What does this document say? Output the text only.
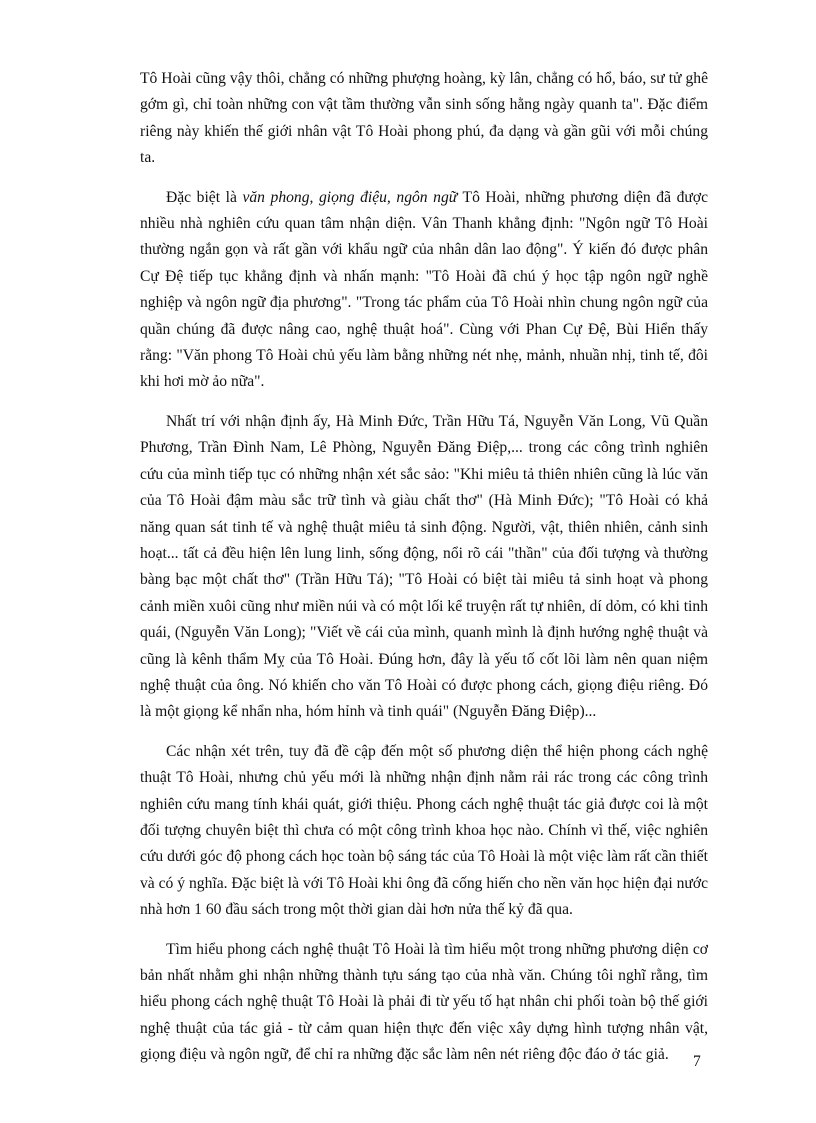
Tô Hoài cũng vậy thôi, chẳng có những phượng hoàng, kỳ lân, chẳng có hổ, báo, sư tử ghê gớm gì, chỉ toàn những con vật tầm thường vẫn sinh sống hằng ngày quanh ta". Đặc điểm riêng này khiến thế giới nhân vật Tô Hoài phong phú, đa dạng và gần gũi với mỗi chúng ta.

Đặc biệt là văn phong, giọng điệu, ngôn ngữ Tô Hoài, những phương diện đã được nhiều nhà nghiên cứu quan tâm nhận diện. Vân Thanh khẳng định: "Ngôn ngữ Tô Hoài thường ngắn gọn và rất gần với khẩu ngữ của nhân dân lao động". Ý kiến đó được phân Cự Đệ tiếp tục khẳng định và nhấn mạnh: "Tô Hoài đã chú ý học tập ngôn ngữ nghề nghiệp và ngôn ngữ địa phương". "Trong tác phẩm của Tô Hoài nhìn chung ngôn ngữ của quần chúng đã được nâng cao, nghệ thuật hoá". Cùng với Phan Cự Đệ, Bùi Hiển thấy rằng: "Văn phong Tô Hoài chủ yếu làm bằng những nét nhẹ, mảnh, nhuần nhị, tinh tế, đôi khi hơi mờ ảo nữa".

Nhất trí với nhận định ấy, Hà Minh Đức, Trần Hữu Tá, Nguyễn Văn Long, Vũ Quần Phương, Trần Đình Nam, Lê Phòng, Nguyễn Đăng Điệp,... trong các công trình nghiên cứu của mình tiếp tục có những nhận xét sắc sảo: "Khi miêu tả thiên nhiên cũng là lúc văn của Tô Hoài đậm màu sắc trữ tình và giàu chất thơ" (Hà Minh Đức); "Tô Hoài có khả năng quan sát tinh tế và nghệ thuật miêu tả sinh động. Người, vật, thiên nhiên, cảnh sinh hoạt... tất cả đều hiện lên lung linh, sống động, nổi rõ cái "thần" của đối tượng và thường bàng bạc một chất thơ" (Trần Hữu Tá); "Tô Hoài có biệt tài miêu tả sinh hoạt và phong cảnh miền xuôi cũng như miền núi và có một lối kể truyện rất tự nhiên, dí dỏm, có khi tinh quái, (Nguyễn Văn Long); "Viết về cái của mình, quanh mình là định hướng nghệ thuật và cũng là kênh thẩm Mỵ của Tô Hoài. Đúng hơn, đây là yếu tố cốt lõi làm nên quan niệm nghệ thuật của ông. Nó khiến cho văn Tô Hoài có được phong cách, giọng điệu riêng. Đó là một giọng kể nhẩn nha, hóm hỉnh và tinh quái" (Nguyễn Đăng Điệp)...

Các nhận xét trên, tuy đã đề cập đến một số phương diện thể hiện phong cách nghệ thuật Tô Hoài, nhưng chủ yếu mới là những nhận định nằm rải rác trong các công trình nghiên cứu mang tính khái quát, giới thiệu. Phong cách nghệ thuật tác giả được coi là một đối tượng chuyên biệt thì chưa có một công trình khoa học nào. Chính vì thế, việc nghiên cứu dưới góc độ phong cách học toàn bộ sáng tác của Tô Hoài là một việc làm rất cần thiết và có ý nghĩa. Đặc biệt là với Tô Hoài khi ông đã cống hiến cho nền văn học hiện đại nước nhà hơn 1 60 đầu sách trong một thời gian dài hơn nửa thế kỷ đã qua.

Tìm hiểu phong cách nghệ thuật Tô Hoài là tìm hiểu một trong những phương diện cơ bản nhất nhằm ghi nhận những thành tựu sáng tạo của nhà văn. Chúng tôi nghĩ rằng, tìm hiểu phong cách nghệ thuật Tô Hoài là phải đi từ yếu tố hạt nhân chi phối toàn bộ thế giới nghệ thuật của tác giả - từ cảm quan hiện thực đến việc xây dựng hình tượng nhân vật, giọng điệu và ngôn ngữ, để chỉ ra những đặc sắc làm nên nét riêng độc đáo ở tác giả.	7
